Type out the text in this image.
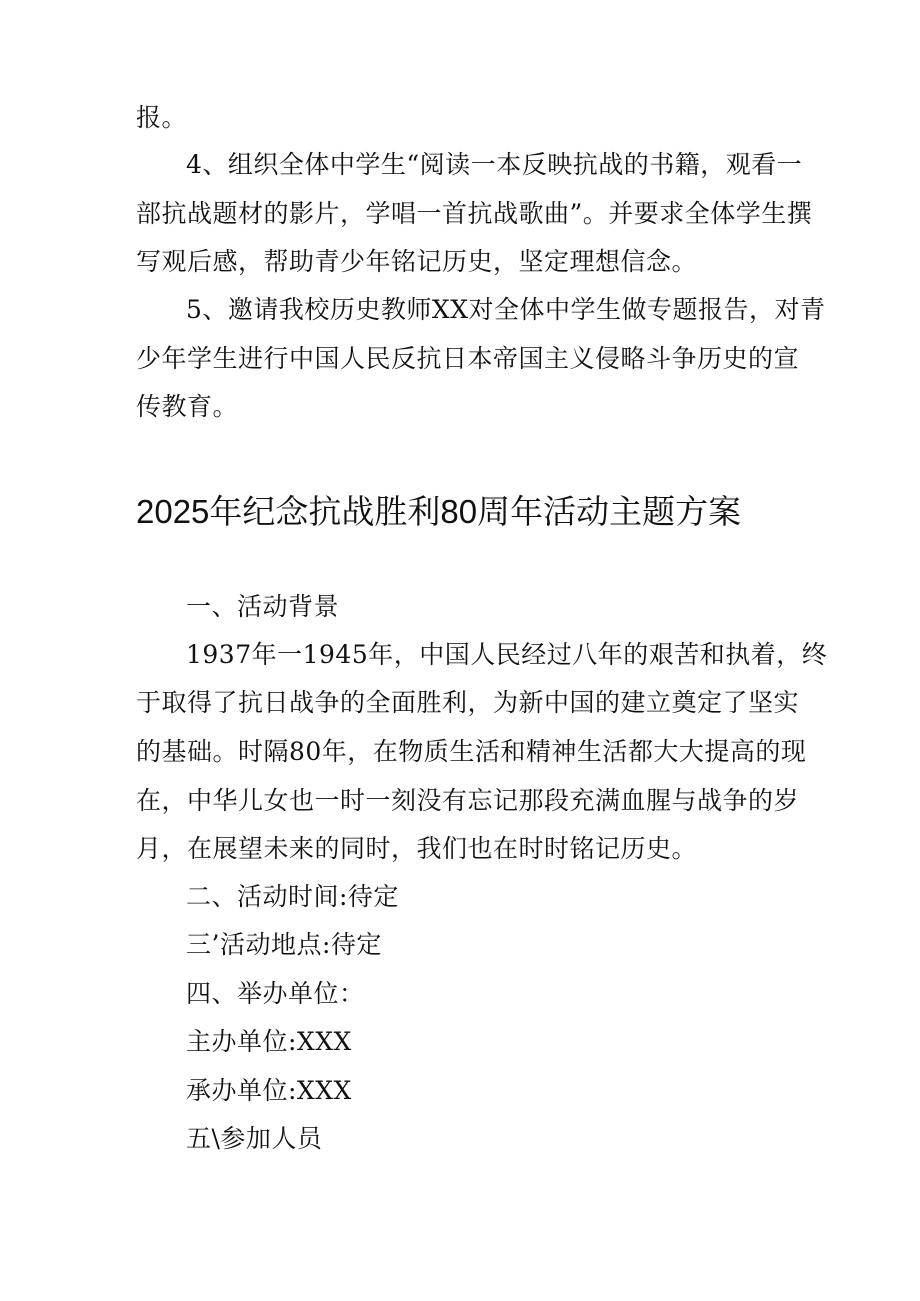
报。
4、组织全体中学生“阅读一本反映抗战的书籍，观看一
部抗战题材的影片，学唱一首抗战歌曲”。并要求全体学生撰
写观后感，帮助青少年铭记历史，坚定理想信念。
5、邀请我校历史教师XX对全体中学生做专题报告，对青
少年学生进行中国人民反抗日本帝国主义侵略斗争历史的宣
传教育。
2025年纪念抗战胜利80周年活动主题方案
一、活动背景
1937年一1945年，中国人民经过八年的艰苦和执着，终
于取得了抗日战争的全面胜利，为新中国的建立奠定了坚实
的基础。时隔80年，在物质生活和精神生活都大大提高的现
在，中华儿女也一时一刻没有忘记那段充满血腥与战争的岁
月，在展望未来的同时，我们也在时时铭记历史。
二、活动时间:待定
三’活动地点:待定
四、举办单位：
主办单位:XXX
承办单位:XXX
五\参加人员
